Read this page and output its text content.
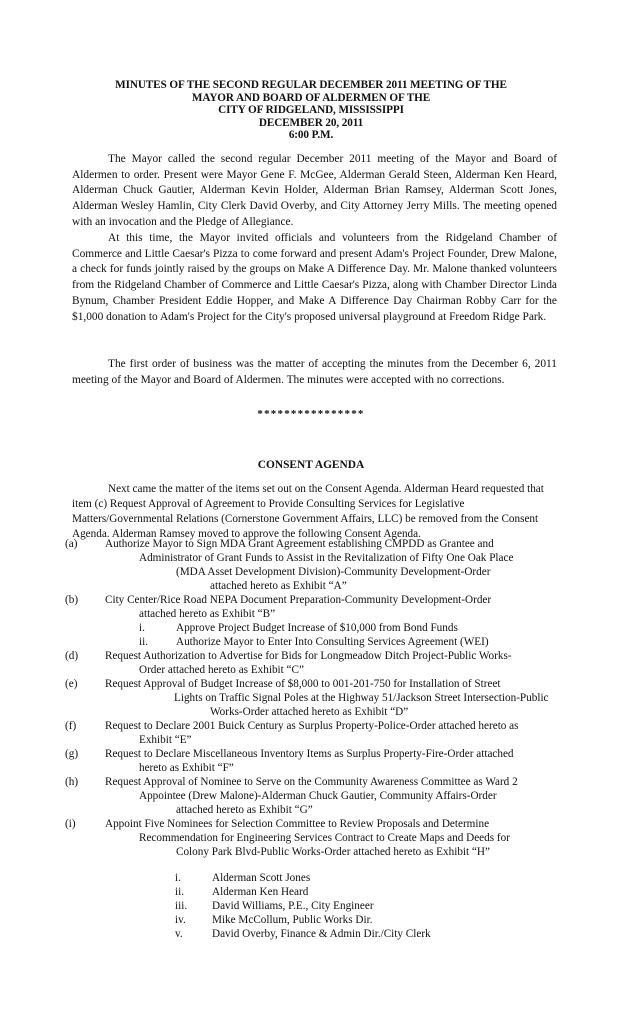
MINUTES OF THE SECOND REGULAR DECEMBER 2011 MEETING OF THE
MAYOR AND BOARD OF ALDERMEN OF THE
CITY OF RIDGELAND, MISSISSIPPI
DECEMBER 20, 2011
6:00 P.M.

The Mayor called the second regular December 2011 meeting of the Mayor and Board of Aldermen to order. Present were Mayor Gene F. McGee, Alderman Gerald Steen, Alderman Ken Heard, Alderman Chuck Gautier, Alderman Kevin Holder, Alderman Brian Ramsey, Alderman Scott Jones, Alderman Wesley Hamlin, City Clerk David Overby, and City Attorney Jerry Mills. The meeting opened with an invocation and the Pledge of Allegiance.

At this time, the Mayor invited officials and volunteers from the Ridgeland Chamber of Commerce and Little Caesar's Pizza to come forward and present Adam's Project Founder, Drew Malone, a check for funds jointly raised by the groups on Make A Difference Day. Mr. Malone thanked volunteers from the Ridgeland Chamber of Commerce and Little Caesar's Pizza, along with Chamber Director Linda Bynum, Chamber President Eddie Hopper, and Make A Difference Day Chairman Robby Carr for the $1,000 donation to Adam's Project for the City's proposed universal playground at Freedom Ridge Park.

The first order of business was the matter of accepting the minutes from the December 6, 2011 meeting of the Mayor and Board of Aldermen. The minutes were accepted with no corrections.

****************
CONSENT AGENDA

Next came the matter of the items set out on the Consent Agenda. Alderman Heard requested that item (c) Request Approval of Agreement to Provide Consulting Services for Legislative Matters/Governmental Relations (Cornerstone Government Affairs, LLC) be removed from the Consent Agenda. Alderman Ramsey moved to approve the following Consent Agenda.

(a) Authorize Mayor to Sign MDA Grant Agreement establishing CMPDD as Grantee and
Administrator of Grant Funds to Assist in the Revitalization of Fifty One Oak Place
(MDA Asset Development Division)-Community Development-Order
attached hereto as Exhibit “A”
(b) City Center/Rice Road NEPA Document Preparation-Community Development-Order
attached hereto as Exhibit “B”
i.	Approve Project Budget Increase of $10,000 from Bond Funds
ii. Authorize Mayor to Enter Into Consulting Services Agreement (WEI)
(d) Request Authorization to Advertise for Bids for Longmeadow Ditch Project-Public Works-
Order attached hereto as Exhibit “C”
(e) Request Approval of Budget Increase of $8,000 to 001-201-750 for Installation of Street
Lights on Traffic Signal Poles at the Highway 51/Jackson Street Intersection-Public
Works-Order attached hereto as Exhibit “D”
(f)	Request to Declare 2001 Buick Century as Surplus Property-Police-Order attached hereto as
Exhibit “E”
(g) Request to Declare Miscellaneous Inventory Items as Surplus Property-Fire-Order attached
hereto as Exhibit “F”
(h) Request Approval of Nominee to Serve on the Community Awareness Committee as Ward 2
Appointee (Drew Malone)-Alderman Chuck Gautier, Community Affairs-Order
attached hereto as Exhibit “G”
(i)	Appoint Five Nominees for Selection Committee to Review Proposals and Determine
Recommendation for Engineering Services Contract to Create Maps and Deeds for
Colony Park Blvd-Public Works-Order attached hereto as Exhibit “H”
i.	Alderman Scott Jones
ii. Alderman Ken Heard
iii. David Williams, P.E., City Engineer
iv. Mike McCollum, Public Works Dir.
v.	David Overby, Finance & Admin Dir./City Clerk
